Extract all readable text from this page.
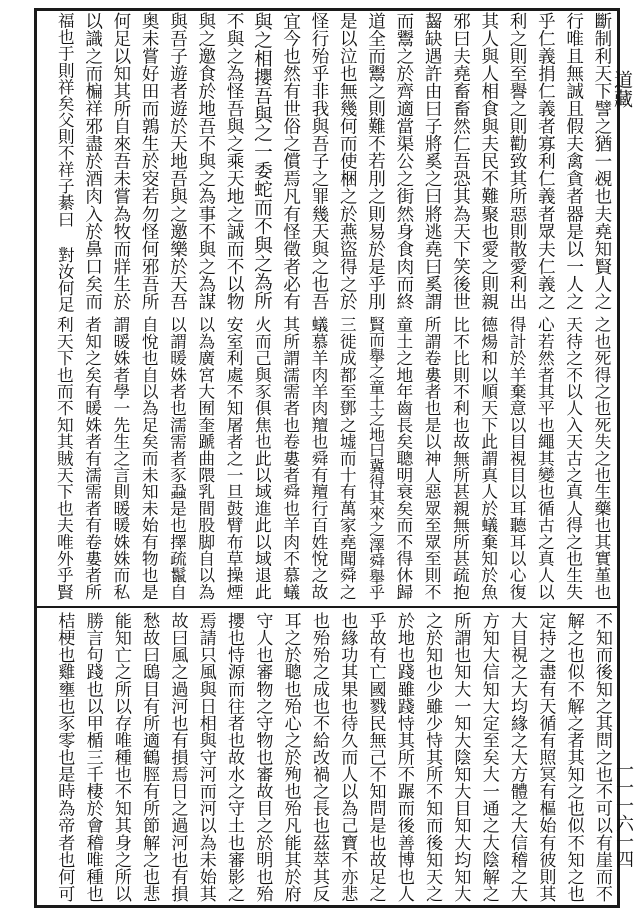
福也于則祥矣父則不祥子綦曰 對汝何足 以識之而楄祥邪盡於酒肉入於鼻口矣而 何足以知其所自來吾未嘗為牧而牂生於 奥未嘗好田而鶉生於㝔若勿怪何邪吾所 與吾子遊者遊於天地吾與之邀樂於天吾 與之邀食於地吾不與之為事不與之為謀 不與之為怪吾與之乘天地之誠而不以物 與之相攖吾與之一委蛇而不與之為所 宜今也然有世俗之償焉凡有怪徵者必有 怪行殆乎非我與吾子之罪幾天與之也吾 是以泣也無幾何而使梱之於燕盜得之於 道全而鬻之則難不若刖之則易於是乎刖 而鬻之於齊適當渠公之街然身食肉而終 齧缺遇許由曰子將奚之曰將逃堯曰奚謂 邪曰夫堯畜畜然仁吾恐其為天下笑後世 其人與人相食與夫民不難聚也愛之則親 利之則至譽之則勸致其所惡則散愛利出 乎仁義捐仁義者寡利仁義者眾夫仁義之 行唯且無誠且假夫禽貪者器是以一人之 斷制利天下譬之猶一覕也夫堯知賢人之
利天下也而不知其賊天下也夫唯外乎賢 者知之矣有暖姝者有濡需者有卷婁者所 謂暖姝者學一先生之言則暖暖姝姝而私 自悅也自以為足矣而未知未始有物也是 以謂暖姝者也濡需者豕蝨是也擇疏鬣自 以為廣宮大囿奎蹏曲隈乳間股脚自以為 安室利處不知屠者之一旦鼓臂布草操煙 火而己與豕俱焦也此以域進此以域退此 其所謂濡需者也卷婁者舜也羊肉不慕蟻 蟻慕羊肉羊肉羶也舜有羶行百姓悅之故 三徙成都至鄧之墟而十有萬家堯聞舜之 賢而舉之童土之地曰冀得其來之澤舜舉乎 童土之地年齒長矣聰明衰矣而不得休歸 所謂卷婁者也是以神人惡眾至眾至則不 比不比則不利也故無所甚親無所甚疏抱 德煬和以順天下此謂真人於蟻棄知於魚 得計於羊棄意以目視目以耳聽耳以心復 心若然者其平也繩其變也循古之真人以 天待之不以人入天古之真人得之也生失 之也死得之也死失之也生藥也其實堇也
桔梗也雞壅也豕零也是時為帝者也何可 勝言句踐也以甲楯三千棲於會稽唯種也 能知亡之所以存唯種也不知其身之所以 愁故曰鴟目有所適鶴脛有所節解之也悲 故曰風之過河也有損焉日之過河也有損 焉請只風與日相與守河而河以為未始其 攖也恃源而往者也故水之守土也審影之 守人也審物之守物也審故目之於明也殆 耳之於聰也殆心之於殉也殆凡能其於府 也殆殆之成也不給改禍之長也茲萃其反 也緣功其果也待久而人以為己寶不亦悲 乎故有亡國戮民無己不知問是也故足之 於地也踐雖踐恃其所不蹍而後善博也人 之於知也少雖少恃其所不知而後知天之 所謂也知大一知大陰知大目知大均知大 方知大信知大定至矣大一通之大陰解之 大目視之大均緣之大方體之大信稽之大 定持之盡有天循有照冥有樞始有彼則其 解之也似不解之者其知之也似不知之也 不知而後知之其問之也不可以有崖而不
道藏
一一一六一四
